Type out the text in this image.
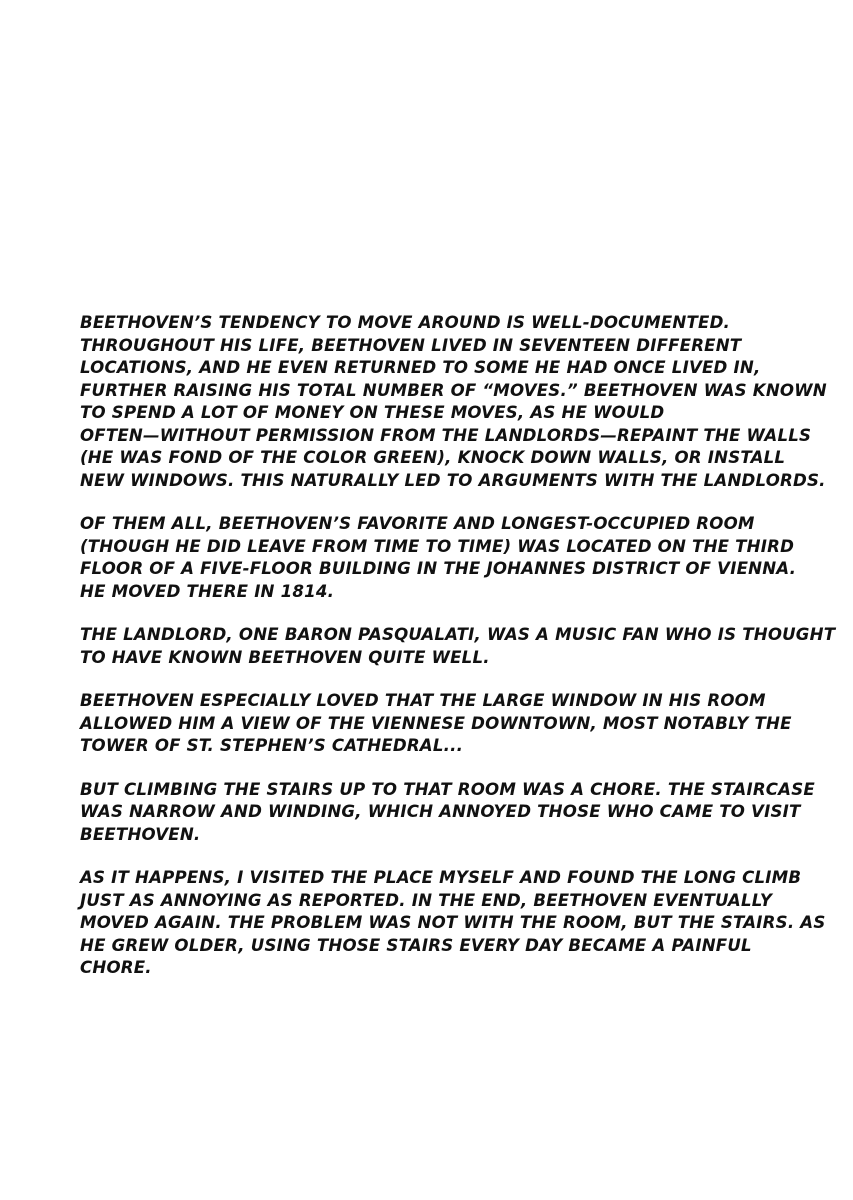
BEETHOVEN’S TENDENCY TO MOVE AROUND IS WELL-DOCUMENTED.
THROUGHOUT HIS LIFE, BEETHOVEN LIVED IN SEVENTEEN DIFFERENT
LOCATIONS, AND HE EVEN RETURNED TO SOME HE HAD ONCE LIVED IN,
FURTHER RAISING HIS TOTAL NUMBER OF “MOVES.” BEETHOVEN WAS KNOWN
TO SPEND A LOT OF MONEY ON THESE MOVES, AS HE WOULD
OFTEN—WITHOUT PERMISSION FROM THE LANDLORDS—REPAINT THE WALLS
(HE WAS FOND OF THE COLOR GREEN), KNOCK DOWN WALLS, OR INSTALL
NEW WINDOWS. THIS NATURALLY LED TO ARGUMENTS WITH THE LANDLORDS.

OF THEM ALL, BEETHOVEN’S FAVORITE AND LONGEST-OCCUPIED ROOM
(THOUGH HE DID LEAVE FROM TIME TO TIME) WAS LOCATED ON THE THIRD
FLOOR OF A FIVE-FLOOR BUILDING IN THE JOHANNES DISTRICT OF VIENNA.
HE MOVED THERE IN 1814.

THE LANDLORD, ONE BARON PASQUALATI, WAS A MUSIC FAN WHO IS THOUGHT
TO HAVE KNOWN BEETHOVEN QUITE WELL.

BEETHOVEN ESPECIALLY LOVED THAT THE LARGE WINDOW IN HIS ROOM
ALLOWED HIM A VIEW OF THE VIENNESE DOWNTOWN, MOST NOTABLY THE
TOWER OF ST. STEPHEN’S CATHEDRAL...

BUT CLIMBING THE STAIRS UP TO THAT ROOM WAS A CHORE. THE STAIRCASE
WAS NARROW AND WINDING, WHICH ANNOYED THOSE WHO CAME TO VISIT
BEETHOVEN.

AS IT HAPPENS, I VISITED THE PLACE MYSELF AND FOUND THE LONG CLIMB
JUST AS ANNOYING AS REPORTED. IN THE END, BEETHOVEN EVENTUALLY
MOVED AGAIN. THE PROBLEM WAS NOT WITH THE ROOM, BUT THE STAIRS. AS
HE GREW OLDER, USING THOSE STAIRS EVERY DAY BECAME A PAINFUL
CHORE.
